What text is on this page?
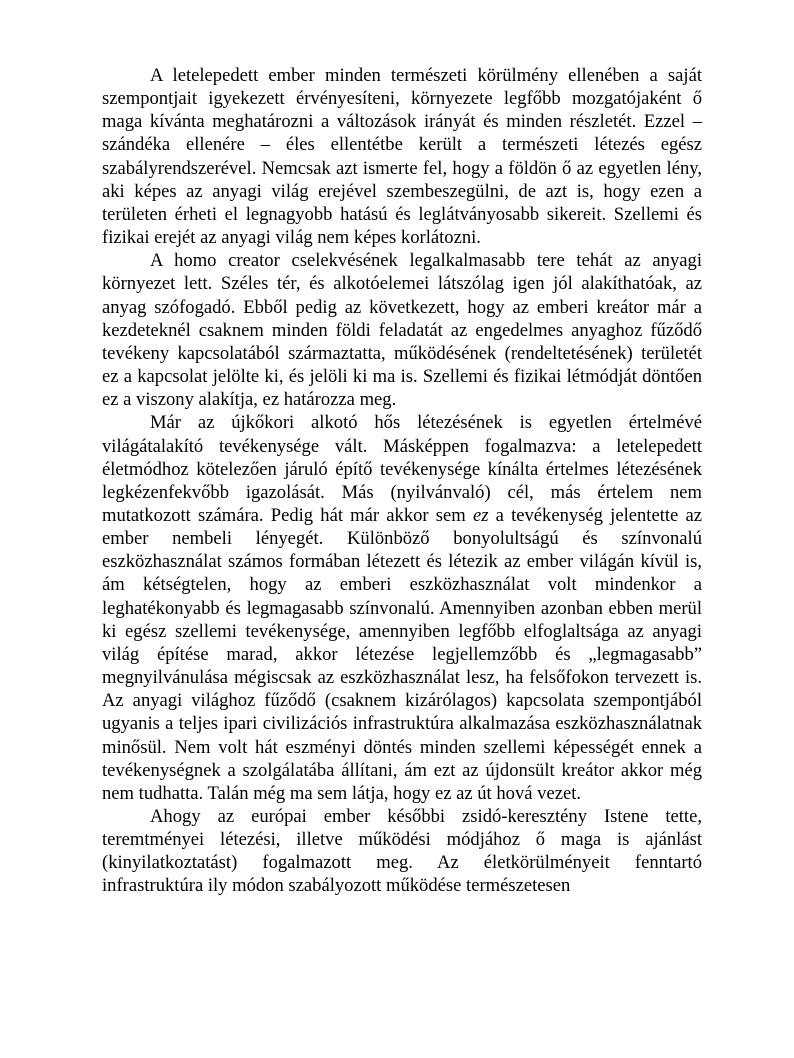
A letelepedett ember minden természeti körülmény ellenében a saját szempontjait igyekezett érvényesíteni, környezete legfőbb mozgatójaként ő maga kívánta meghatározni a változások irányát és minden részletét. Ezzel – szándéka ellenére – éles ellentétbe került a természeti létezés egész szabályrendszerével. Nemcsak azt ismerte fel, hogy a földön ő az egyetlen lény, aki képes az anyagi világ erejével szembeszegülni, de azt is, hogy ezen a területen érheti el legnagyobb hatású és leglátványosabb sikereit. Szellemi és fizikai erejét az anyagi világ nem képes korlátozni.

A homo creator cselekvésének legalkalmasabb tere tehát az anyagi környezet lett. Széles tér, és alkotóelemei látszólag igen jól alakíthatóak, az anyag szófogadó. Ebből pedig az következett, hogy az emberi kreátor már a kezdeteknél csaknem minden földi feladatát az engedelmes anyaghoz fűződő tevékeny kapcsolatából származtatta, működésének (rendeltetésének) területét ez a kapcsolat jelölte ki, és jelöli ki ma is. Szellemi és fizikai létmódját döntően ez a viszony alakítja, ez határozza meg.

Már az újkőkori alkotó hős létezésének is egyetlen értelmévé világátalakító tevékenysége vált. Másképpen fogalmazva: a letelepedett életmódhoz kötelezően járuló építő tevékenysége kínálta értelmes létezésének legkézenfekvőbb igazolását. Más (nyilvánvaló) cél, más értelem nem mutatkozott számára. Pedig hát már akkor sem ez a tevékenység jelentette az ember nembeli lényegét. Különböző bonyolultságú és színvonalú eszközhasználat számos formában létezett és létezik az ember világán kívül is, ám kétségtelen, hogy az emberi eszközhasználat volt mindenkor a leghatékonyabb és legmagasabb színvonalú. Amennyiben azonban ebben merül ki egész szellemi tevékenysége, amennyiben legfőbb elfoglaltsága az anyagi világ építése marad, akkor létezése legjellemzőbb és „legmagasabb” megnyilvánulása mégiscsak az eszközhasználat lesz, ha felsőfokon tervezett is. Az anyagi világhoz fűződő (csaknem kizárólagos) kapcsolata szempontjából ugyanis a teljes ipari civilizációs infrastruktúra alkalmazása eszközhasználatnak minősül. Nem volt hát eszményi döntés minden szellemi képességét ennek a tevékenységnek a szolgálatába állítani, ám ezt az újdonsült kreátor akkor még nem tudhatta. Talán még ma sem látja, hogy ez az út hová vezet.

Ahogy az európai ember későbbi zsidó-keresztény Istene tette, teremtményei létezési, illetve működési módjához ő maga is ajánlást (kinyilatkoztatást) fogalmazott meg. Az életkörülményeit fenntartó infrastruktúra ily módon szabályozott működése természetesen
